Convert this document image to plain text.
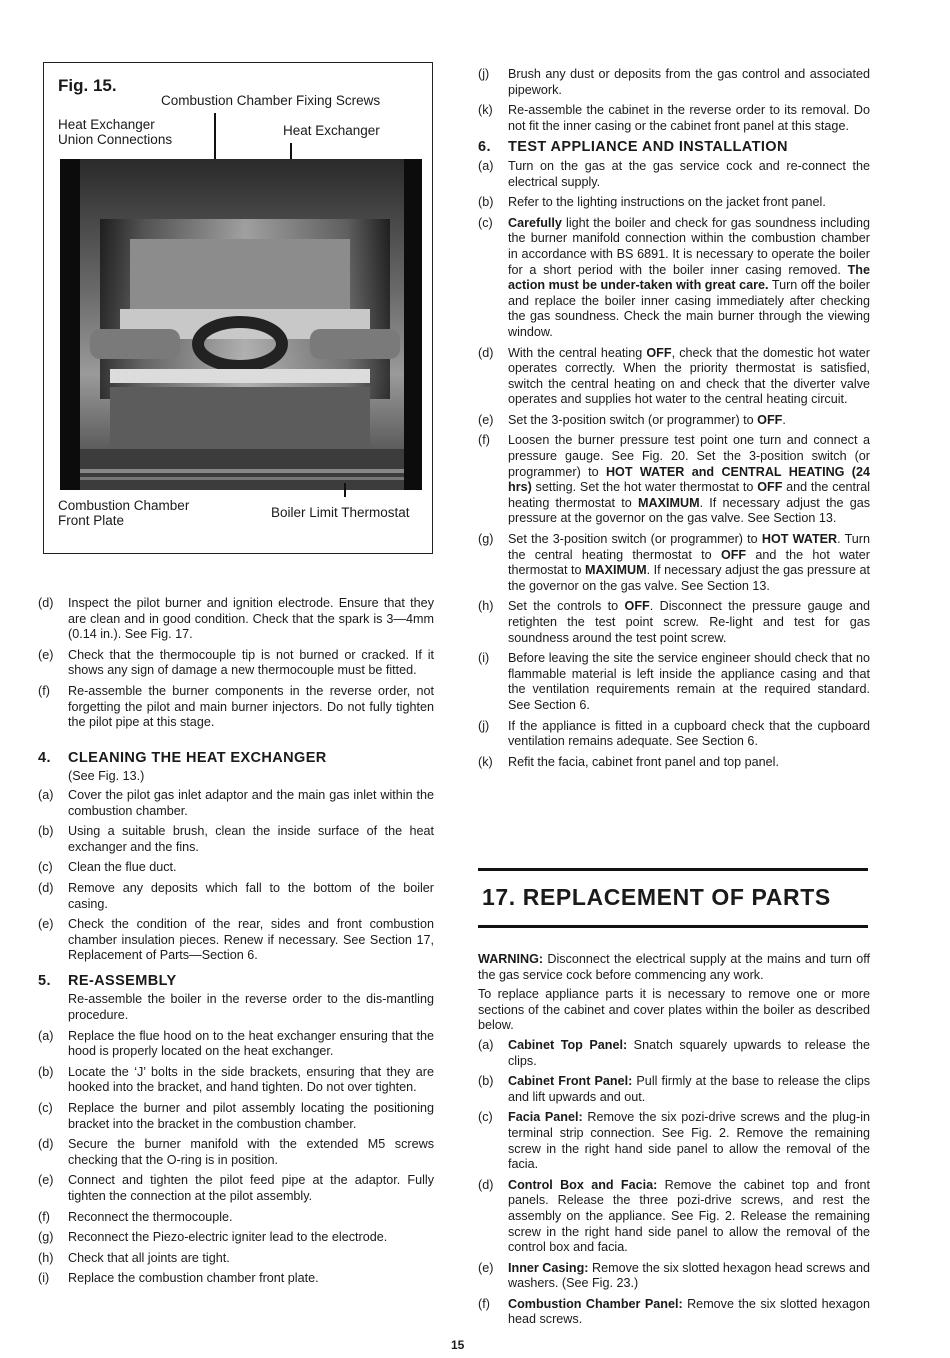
Fig. 15.
Combustion Chamber Fixing Screws
Heat Exchanger
Union Connections
Heat Exchanger
Combustion Chamber
Front Plate
Boiler Limit Thermostat
(d) Inspect the pilot burner and ignition electrode. Ensure that they are clean and in good condition. Check that the spark is 3—4mm (0.14 in.). See Fig. 17.
(e) Check that the thermocouple tip is not burned or cracked. If it shows any sign of damage a new thermocouple must be fitted.
(f) Re-assemble the burner components in the reverse order, not forgetting the pilot and main burner injectors. Do not fully tighten the pilot pipe at this stage.
4. CLEANING THE HEAT EXCHANGER
(See Fig. 13.)
(a) Cover the pilot gas inlet adaptor and the main gas inlet within the combustion chamber.
(b) Using a suitable brush, clean the inside surface of the heat exchanger and the fins.
(c) Clean the flue duct.
(d) Remove any deposits which fall to the bottom of the boiler casing.
(e) Check the condition of the rear, sides and front combustion chamber insulation pieces. Renew if necessary. See Section 17, Replacement of Parts—Section 6.
5. RE-ASSEMBLY
Re-assemble the boiler in the reverse order to the dis-mantling procedure.
(a) Replace the flue hood on to the heat exchanger ensuring that the hood is properly located on the heat exchanger.
(b) Locate the ‘J’ bolts in the side brackets, ensuring that they are hooked into the bracket, and hand tighten. Do not over tighten.
(c) Replace the burner and pilot assembly locating the positioning bracket into the bracket in the combustion chamber.
(d) Secure the burner manifold with the extended M5 screws checking that the O-ring is in position.
(e) Connect and tighten the pilot feed pipe at the adaptor. Fully tighten the connection at the pilot assembly.
(f) Reconnect the thermocouple.
(g) Reconnect the Piezo-electric igniter lead to the electrode.
(h) Check that all joints are tight.
(i) Replace the combustion chamber front plate.
(j) Brush any dust or deposits from the gas control and associated pipework.
(k) Re-assemble the cabinet in the reverse order to its removal. Do not fit the inner casing or the cabinet front panel at this stage.
6. TEST APPLIANCE AND INSTALLATION
(a) Turn on the gas at the gas service cock and re-connect the electrical supply.
(b) Refer to the lighting instructions on the jacket front panel.
(c) Carefully light the boiler and check for gas soundness including the burner manifold connection within the combustion chamber in accordance with BS 6891. It is necessary to operate the boiler for a short period with the boiler inner casing removed. The action must be under-taken with great care. Turn off the boiler and replace the boiler inner casing immediately after checking the gas soundness. Check the main burner through the viewing window.
(d) With the central heating OFF, check that the domestic hot water operates correctly. When the priority thermostat is satisfied, switch the central heating on and check that the diverter valve operates and supplies hot water to the central heating circuit.
(e) Set the 3-position switch (or programmer) to OFF.
(f) Loosen the burner pressure test point one turn and connect a pressure gauge. See Fig. 20. Set the 3-position switch (or programmer) to HOT WATER and CENTRAL HEATING (24 hrs) setting. Set the hot water thermostat to OFF and the central heating thermostat to MAXIMUM. If necessary adjust the gas pressure at the governor on the gas valve. See Section 13.
(g) Set the 3-position switch (or programmer) to HOT WATER. Turn the central heating thermostat to OFF and the hot water thermostat to MAXIMUM. If necessary adjust the gas pressure at the governor on the gas valve. See Section 13.
(h) Set the controls to OFF. Disconnect the pressure gauge and retighten the test point screw. Re-light and test for gas soundness around the test point screw.
(i) Before leaving the site the service engineer should check that no flammable material is left inside the appliance casing and that the ventilation requirements remain at the required standard. See Section 6.
(j) If the appliance is fitted in a cupboard check that the cupboard ventilation remains adequate. See Section 6.
(k) Refit the facia, cabinet front panel and top panel.
17. REPLACEMENT OF PARTS
WARNING: Disconnect the electrical supply at the mains and turn off the gas service cock before commencing any work.
To replace appliance parts it is necessary to remove one or more sections of the cabinet and cover plates within the boiler as described below.
(a) Cabinet Top Panel: Snatch squarely upwards to release the clips.
(b) Cabinet Front Panel: Pull firmly at the base to release the clips and lift upwards and out.
(c) Facia Panel: Remove the six pozi-drive screws and the plug-in terminal strip connection. See Fig. 2. Remove the remaining screw in the right hand side panel to allow the removal of the facia.
(d) Control Box and Facia: Remove the cabinet top and front panels. Release the three pozi-drive screws, and rest the assembly on the appliance. See Fig. 2. Release the remaining screw in the right hand side panel to allow the removal of the control box and facia.
(e) Inner Casing: Remove the six slotted hexagon head screws and washers. (See Fig. 23.)
(f) Combustion Chamber Panel: Remove the six slotted hexagon head screws.
15
